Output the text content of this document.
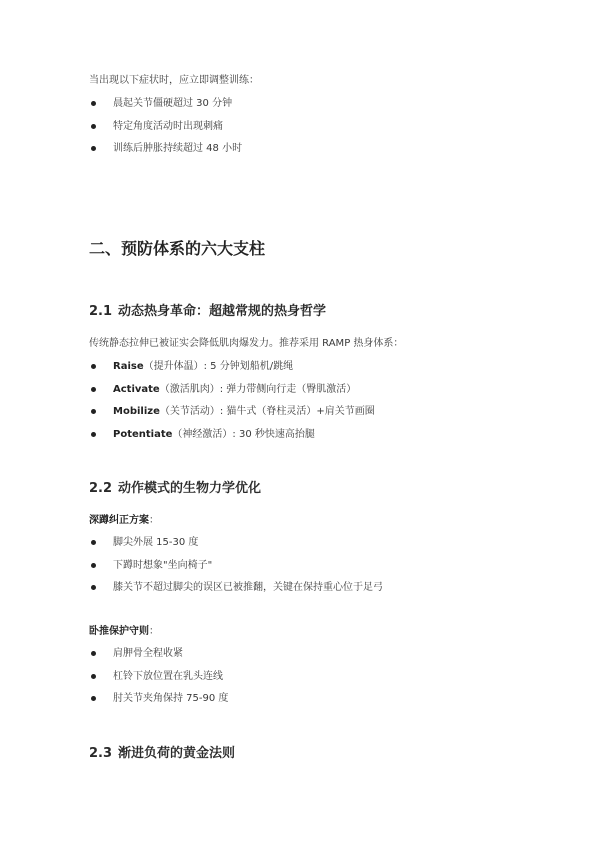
当出现以下症状时，应立即调整训练：
晨起关节僵硬超过 30 分钟
特定角度活动时出现刺痛
训练后肿胀持续超过 48 小时
二、预防体系的六大支柱
2.1 动态热身革命：超越常规的热身哲学
传统静态拉伸已被证实会降低肌肉爆发力。推荐采用 RAMP 热身体系：
Raise（提升体温）: 5 分钟划船机/跳绳
Activate（激活肌肉）: 弹力带侧向行走（臀肌激活）
Mobilize（关节活动）: 猫牛式（脊柱灵活）+肩关节画圈
Potentiate（神经激活）: 30 秒快速高抬腿
2.2 动作模式的生物力学优化
深蹲纠正方案：
脚尖外展 15-30 度
下蹲时想象"坐向椅子"
膝关节不超过脚尖的误区已被推翻，关键在保持重心位于足弓
卧推保护守则：
肩胛骨全程收紧
杠铃下放位置在乳头连线
肘关节夹角保持 75-90 度
2.3 渐进负荷的黄金法则
